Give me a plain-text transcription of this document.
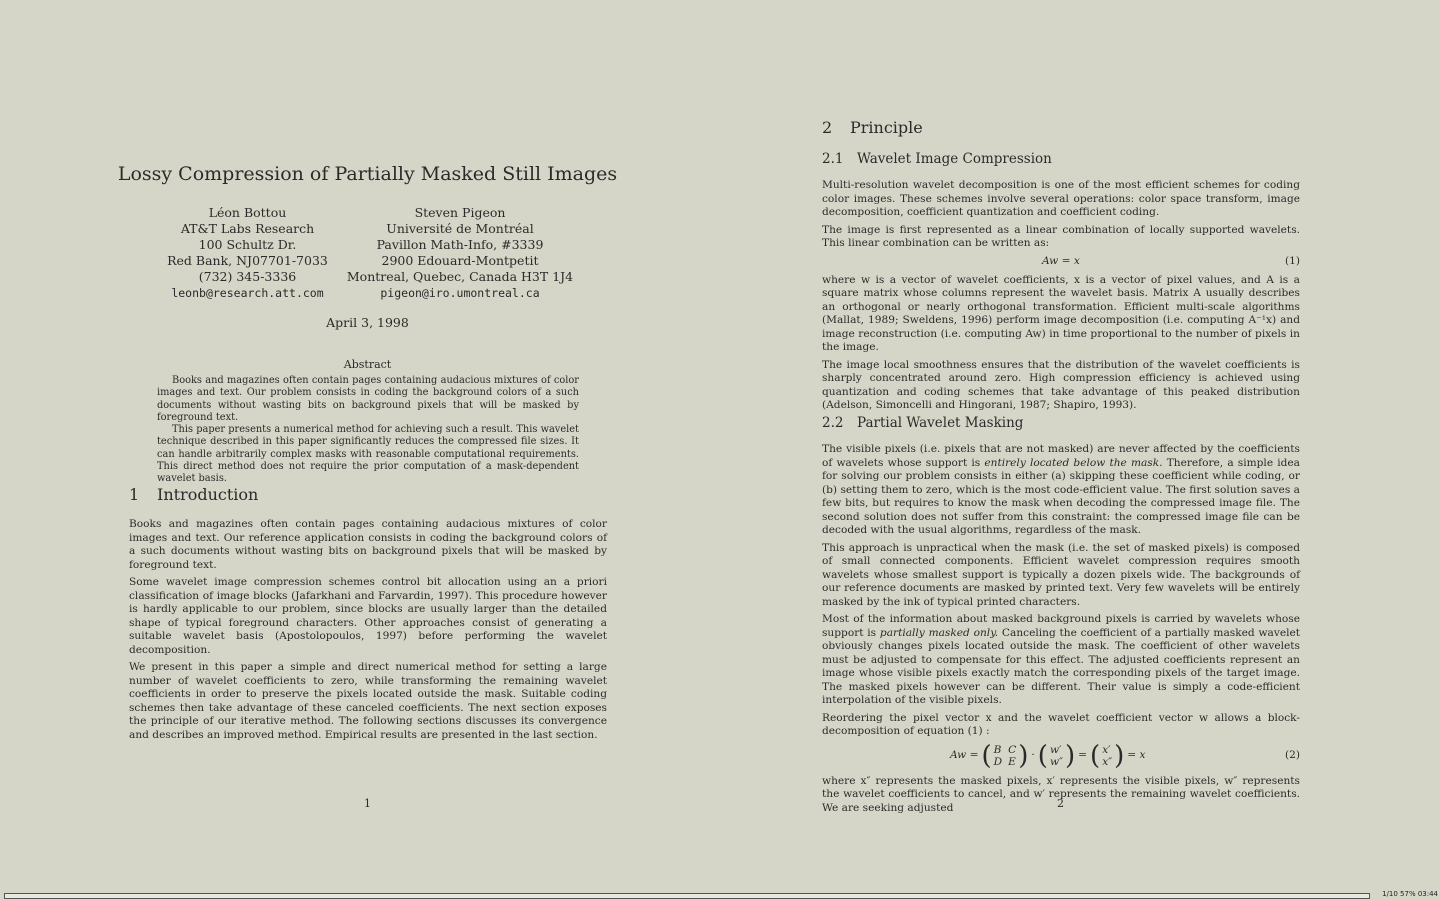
Lossy Compression of Partially Masked Still Images
Léon Bottou
AT&T Labs Research
100 Schultz Dr.
Red Bank, NJ07701-7033
(732) 345-3336
leonb@research.att.com
Steven Pigeon
Université de Montréal
Pavillon Math-Info, #3339
2900 Edouard-Montpetit
Montreal, Quebec, Canada H3T 1J4
pigeon@iro.umontreal.ca
April 3, 1998
Abstract

Books and magazines often contain pages containing audacious mixtures of color images and text. Our problem consists in coding the background colors of a such documents without wasting bits on background pixels that will be masked by foreground text.

This paper presents a numerical method for achieving such a result. This wavelet technique described in this paper significantly reduces the compressed file sizes. It can handle arbitrarily complex masks with reasonable computational requirements. This direct method does not require the prior computation of a mask-dependent wavelet basis.

1 Introduction

Books and magazines often contain pages containing audacious mixtures of color images and text. Our reference application consists in coding the background colors of a such documents without wasting bits on background pixels that will be masked by foreground text.

Some wavelet image compression schemes control bit allocation using an a priori classification of image blocks (Jafarkhani and Farvardin, 1997). This procedure however is hardly applicable to our problem, since blocks are usually larger than the detailed shape of typical foreground characters. Other approaches consist of generating a suitable wavelet basis (Apostolopoulos, 1997) before performing the wavelet decomposition.

We present in this paper a simple and direct numerical method for setting a large number of wavelet coefficients to zero, while transforming the remaining wavelet coefficients in order to preserve the pixels located outside the mask. Suitable coding schemes then take advantage of these canceled coefficients. The next section exposes the principle of our iterative method. The following sections discusses its convergence and describes an improved method. Empirical results are presented in the last section.

1
2 Principle
2.1 Wavelet Image Compression

Multi-resolution wavelet decomposition is one of the most efficient schemes for coding color images. These schemes involve several operations: color space transform, image decomposition, coefficient quantization and coefficient coding.

The image is first represented as a linear combination of locally supported wavelets. This linear combination can be written as:

Aw = x	(1)

where w is a vector of wavelet coefficients, x is a vector of pixel values, and A is a square matrix whose columns represent the wavelet basis. Matrix A usually describes an orthogonal or nearly orthogonal transformation. Efficient multi-scale algorithms (Mallat, 1989; Sweldens, 1996) perform image decomposition (i.e. computing A⁻¹x) and image reconstruction (i.e. computing Aw) in time proportional to the number of pixels in the image.

The image local smoothness ensures that the distribution of the wavelet coefficients is sharply concentrated around zero. High compression efficiency is achieved using quantization and coding schemes that take advantage of this peaked distribution (Adelson, Simoncelli and Hingorani, 1987; Shapiro, 1993).

2.2 Partial Wavelet Masking

The visible pixels (i.e. pixels that are not masked) are never affected by the coefficients of wavelets whose support is entirely located below the mask. Therefore, a simple idea for solving our problem consists in either (a) skipping these coefficient while coding, or (b) setting them to zero, which is the most code-efficient value. The first solution saves a few bits, but requires to know the mask when decoding the compressed image file. The second solution does not suffer from this constraint: the compressed image file can be decoded with the usual algorithms, regardless of the mask.

This approach is unpractical when the mask (i.e. the set of masked pixels) is composed of small connected components. Efficient wavelet compression requires smooth wavelets whose smallest support is typically a dozen pixels wide. The backgrounds of our reference documents are masked by printed text. Very few wavelets will be entirely masked by the ink of typical printed characters.

Most of the information about masked background pixels is carried by wavelets whose support is partially masked only. Canceling the coefficient of a partially masked wavelet obviously changes pixels located outside the mask. The coefficient of other wavelets must be adjusted to compensate for this effect. The adjusted coefficients represent an image whose visible pixels exactly match the corresponding pixels of the target image. The masked pixels however can be different. Their value is simply a code-efficient interpolation of the visible pixels.

Reordering the pixel vector x and the wavelet coefficient vector w allows a block-decomposition of equation (1) :

Aw = ( B C
D E ) · ( w′
w″ ) = ( x′
x″ ) = x	(2)

where x″ represents the masked pixels, x′ represents the visible pixels, w″ represents the wavelet coefficients to cancel, and w′ represents the remaining wavelet coefficients. We are seeking adjusted	2
1/10 57% 03:44
